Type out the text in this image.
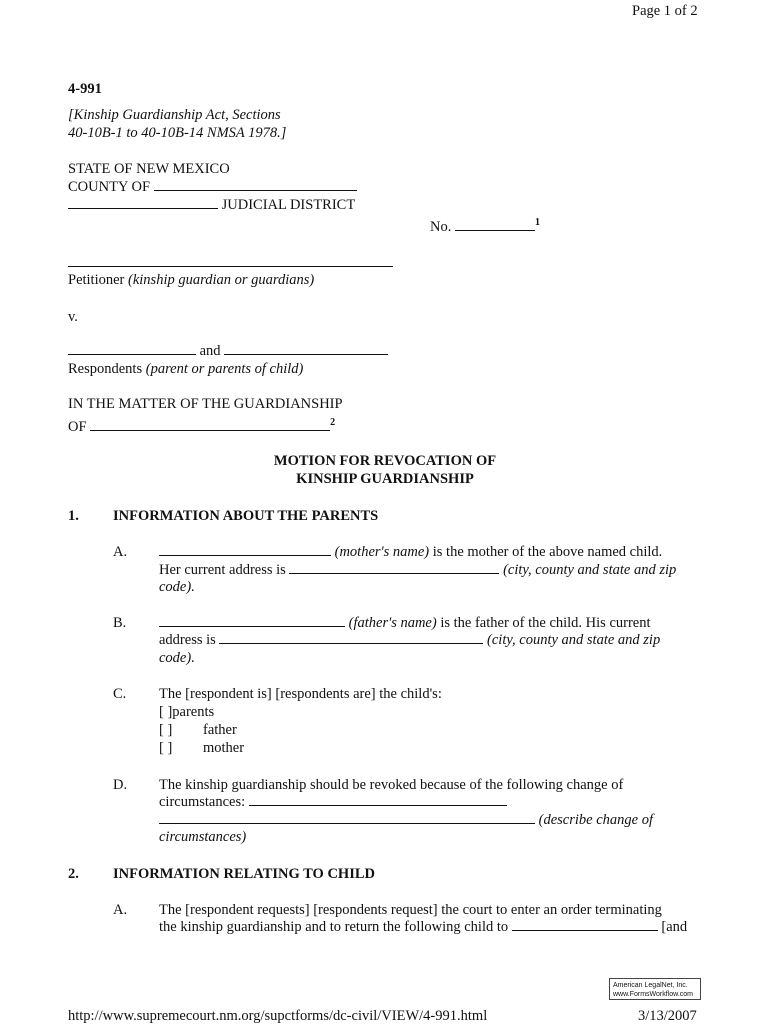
Page 1 of 2
4-991
[Kinship Guardianship Act, Sections
40-10B-1 to 40-10B-14 NMSA 1978.]
STATE OF NEW MEXICO
COUNTY OF
JUDICIAL DISTRICT
No.	$^1$
Petitioner (kinship guardian or guardians)
v.
and
Respondents (parent or parents of child)
IN THE MATTER OF THE GUARDIANSHIP
OF	$^2$
MOTION FOR REVOCATION OF
KINSHIP GUARDIANSHIP
1. INFORMATION ABOUT THE PARENTS
A.	(mother's name) is the mother of the above named child.
Her current address is	(city, county and state and zip
code).
B.	(father's name) is the father of the child. His current
address is	(city, county and state and zip
code).
C. The [respondent is] [respondents are] the child's:
[ ]parents
[ ] father
[ ] mother
D. The kinship guardianship should be revoked because of the following change of
circumstances:
(describe change of
circumstances)
2. INFORMATION RELATING TO CHILD
A. The [respondent requests] [respondents request] the court to enter an order terminating
the kinship guardianship and to return the following child to	[and
American LegalNet, Inc.
www.FormsWorkflow.com
http://www.supremecourt.nm.org/supctforms/dc-civil/VIEW/4-991.html	3/13/2007
